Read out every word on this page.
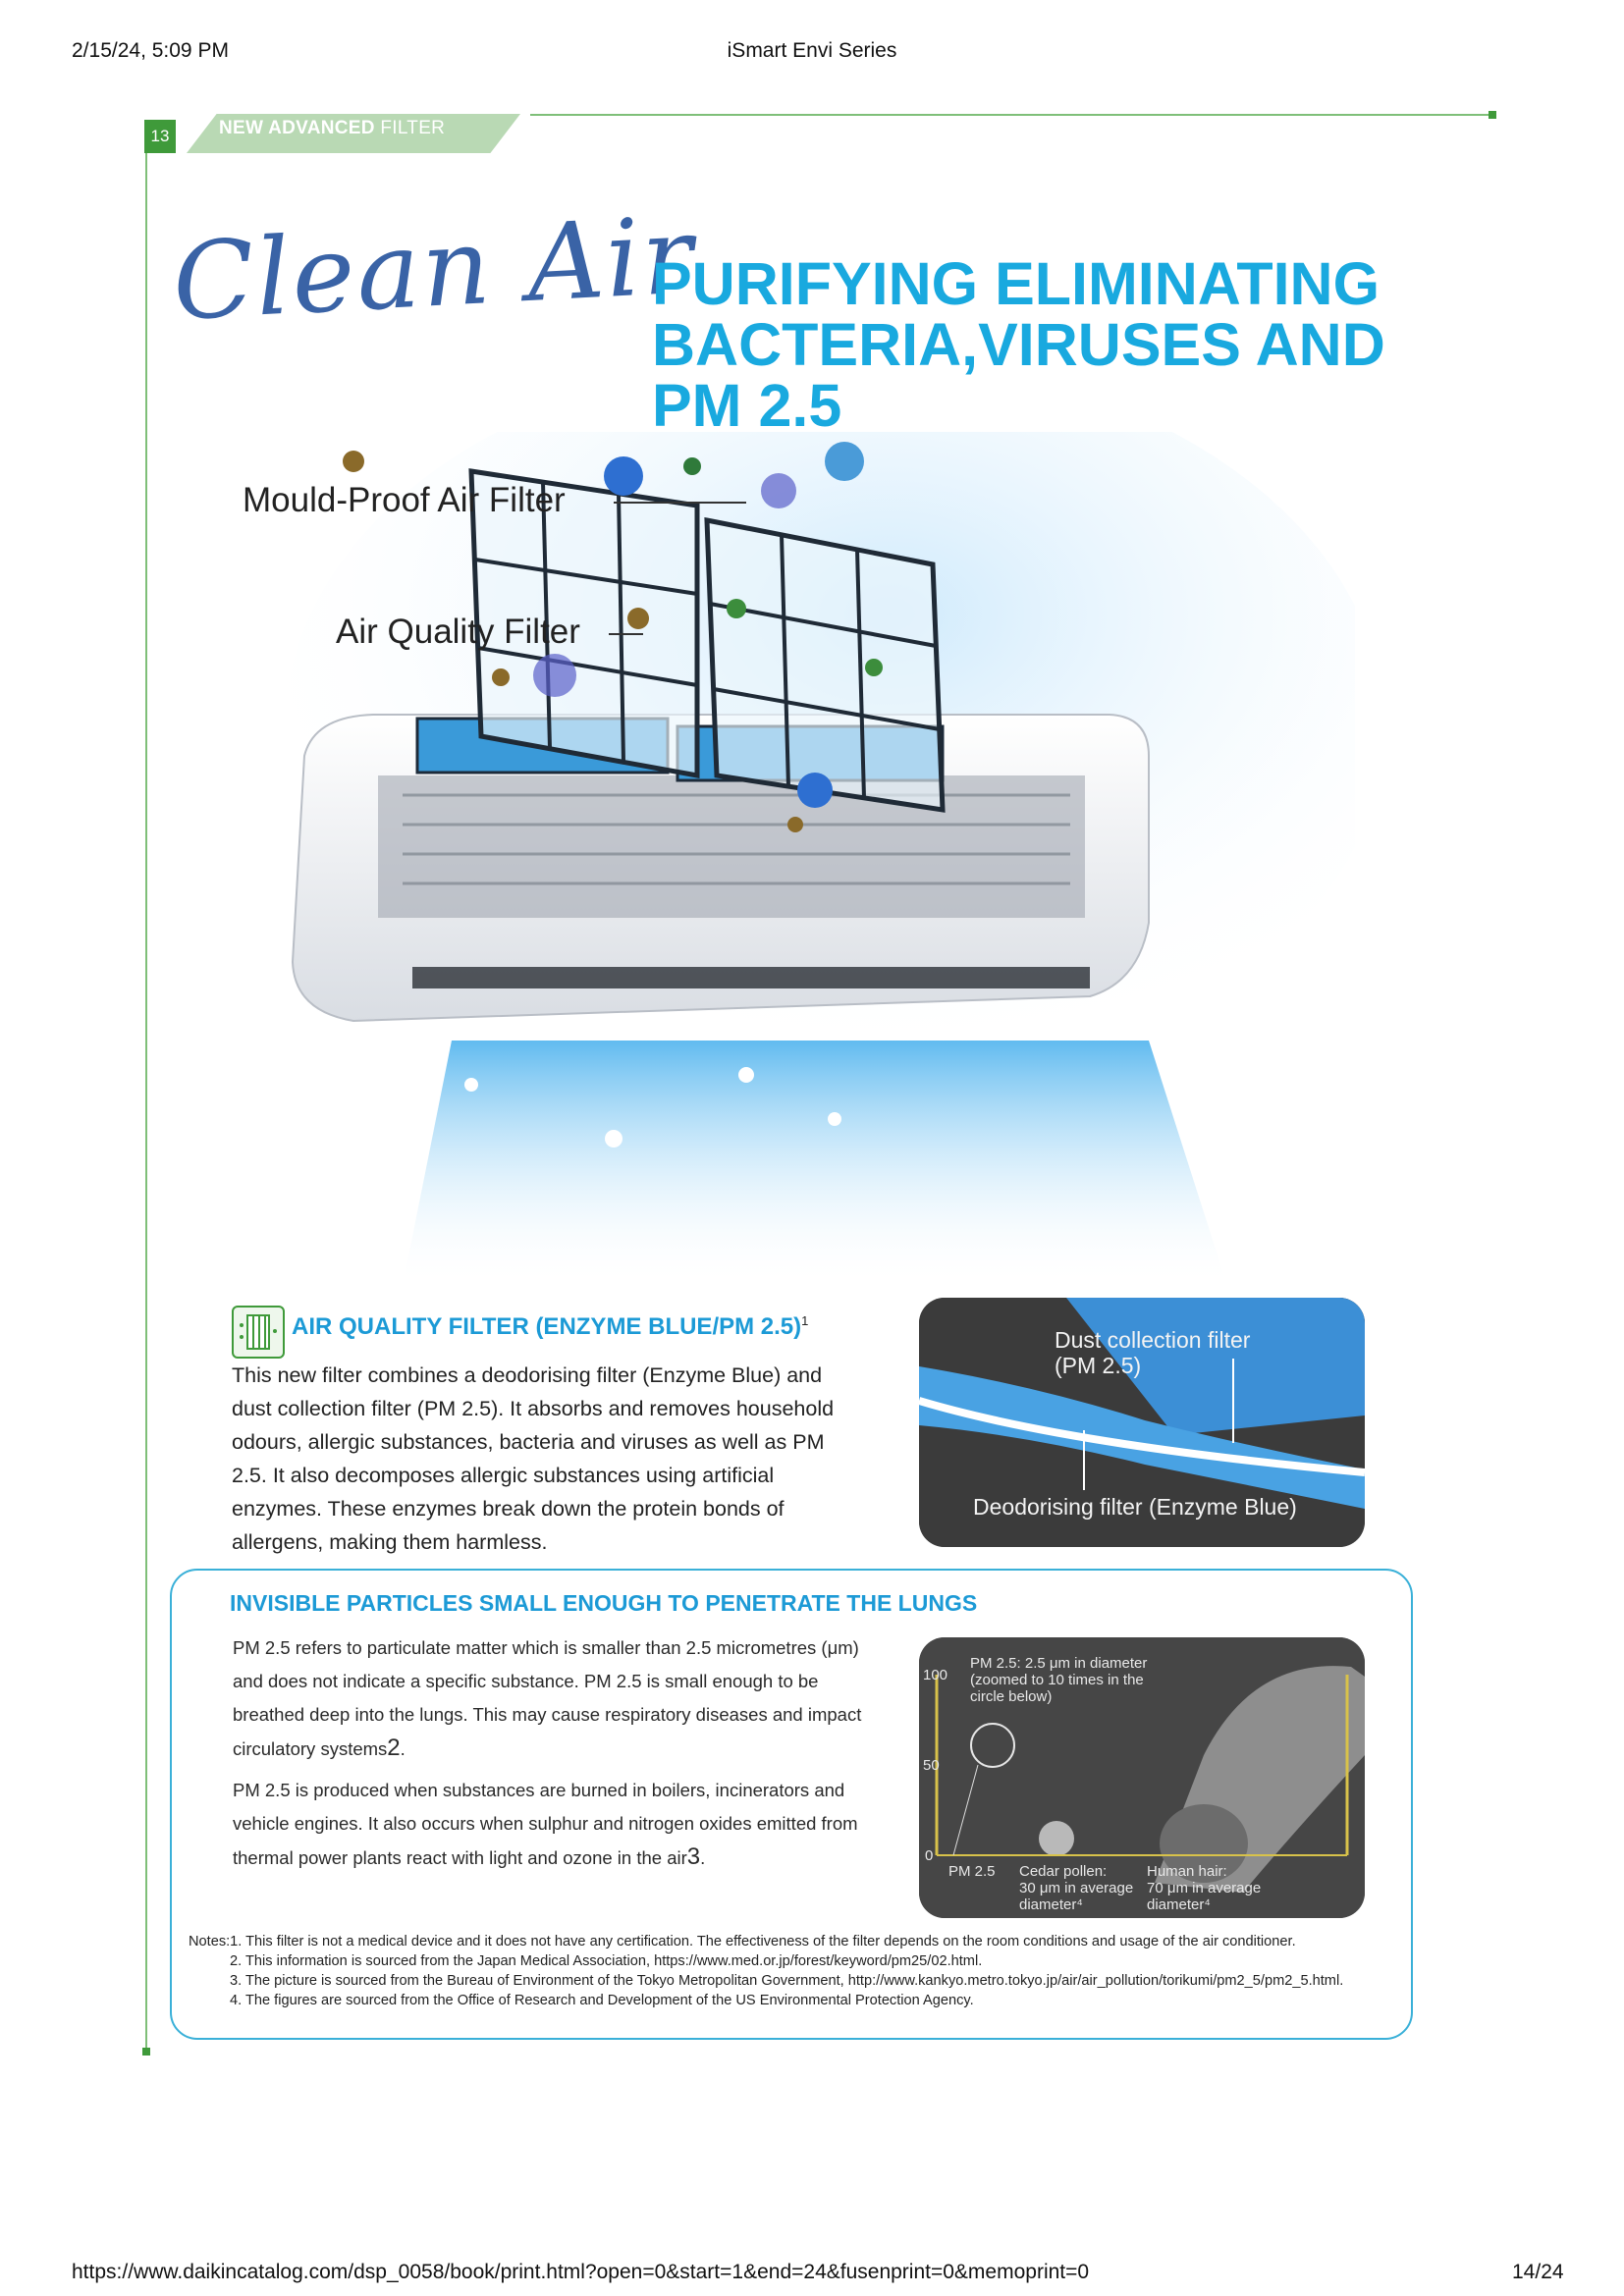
2/15/24, 5:09 PM	iSmart Envi Series
https://www.daikincatalog.com/dsp_0058/book/print.html?open=0&start=1&end=24&fusenprint=0&memoprint=0	14/24
13	NEW ADVANCED FILTER
Clean Air
PURIFYING ELIMINATING
BACTERIA,VIRUSES AND
PM 2.5
Mould-Proof Air Filter
Air Quality Filter
AIR QUALITY FILTER (ENZYME BLUE/PM 2.5)$^1$
This new filter combines a deodorising filter (Enzyme Blue) and dust collection filter (PM 2.5). It absorbs and removes household odours, allergic substances, bacteria and viruses as well as PM 2.5. It also decomposes allergic substances using artificial enzymes. These enzymes break down the protein bonds of allergens, making them harmless.
Dust collection filter
(PM 2.5)
Deodorising filter (Enzyme Blue)
INVISIBLE PARTICLES SMALL ENOUGH TO PENETRATE THE LUNGS
PM 2.5 refers to particulate matter which is smaller than 2.5 micrometres (μm) and does not indicate a specific substance. PM 2.5 is small enough to be breathed deep into the lungs. This may cause respiratory diseases and impact circulatory systems2.
PM 2.5 is produced when substances are burned in boilers, incinerators and vehicle engines. It also occurs when sulphur and nitrogen oxides emitted from thermal power plants react with light and ozone in the air3.
100
50
0
PM 2.5: 2.5 μm in diameter
(zoomed to 10 times in the
circle below)
PM 2.5 Cedar pollen:
30 μm in average
diameter⁴
Human hair:
70 μm in average
diameter⁴
Notes:1. This filter is not a medical device and it does not have any certification. The effectiveness of the filter depends on the room conditions and usage of the air conditioner.
2. This information is sourced from the Japan Medical Association, https://www.med.or.jp/forest/keyword/pm25/02.html.
3. The picture is sourced from the Bureau of Environment of the Tokyo Metropolitan Government, http://www.kankyo.metro.tokyo.jp/air/air_pollution/torikumi/pm2_5/pm2_5.html.
4. The figures are sourced from the Office of Research and Development of the US Environmental Protection Agency.
